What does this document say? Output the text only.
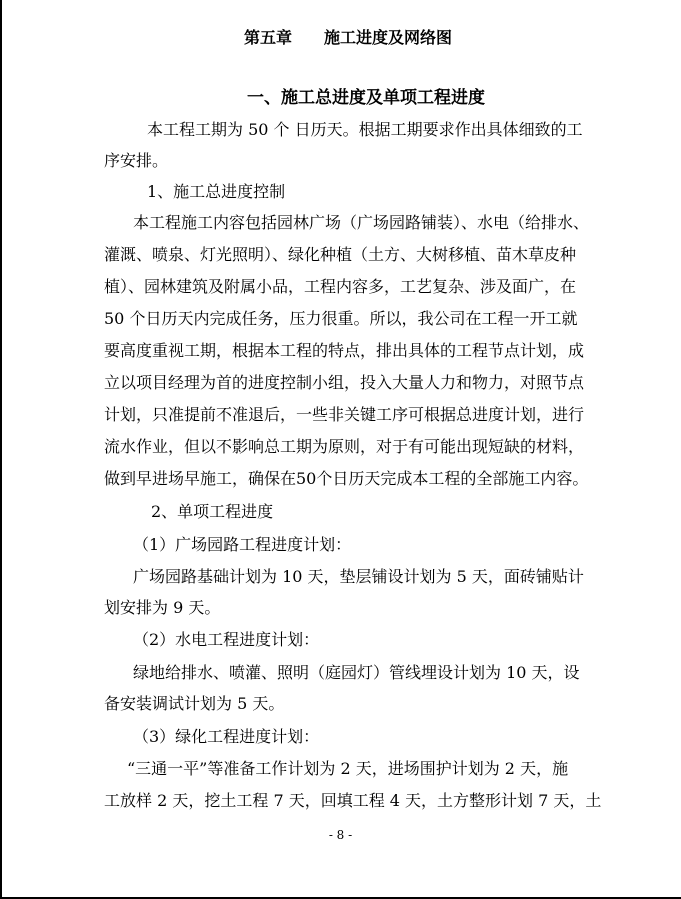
第五章　　施工进度及网络图
一、施工总进度及单项工程进度
本工程工期为 50 个 日历天。根据工期要求作出具体细致的工
序安排。
1、施工总进度控制
本工程施工内容包括园林广场（广场园路铺装）、水电（给排水、
灌溉、喷泉、灯光照明）、绿化种植（土方、大树移植、苗木草皮种
植）、园林建筑及附属小品，工程内容多，工艺复杂、涉及面广，在
50 个日历天内完成任务，压力很重。所以，我公司在工程一开工就
要高度重视工期，根据本工程的特点，排出具体的工程节点计划，成
立以项目经理为首的进度控制小组，投入大量人力和物力，对照节点
计划，只准提前不准退后，一些非关键工序可根据总进度计划，进行
流水作业，但以不影响总工期为原则，对于有可能出现短缺的材料，
做到早进场早施工，确保在50个日历天完成本工程的全部施工内容。
2、单项工程进度
（1）广场园路工程进度计划：
广场园路基础计划为 10 天，垫层铺设计划为 5 天，面砖铺贴计
划安排为 9 天。
（2）水电工程进度计划：
绿地给排水、喷灌、照明（庭园灯）管线埋设计划为 10 天，设
备安装调试计划为 5 天。
（3）绿化工程进度计划：
“三通一平”等准备工作计划为 2 天，进场围护计划为 2 天，施
工放样 2 天，挖土工程 7 天，回填工程 4 天，土方整形计划 7 天，土
- 8 -
